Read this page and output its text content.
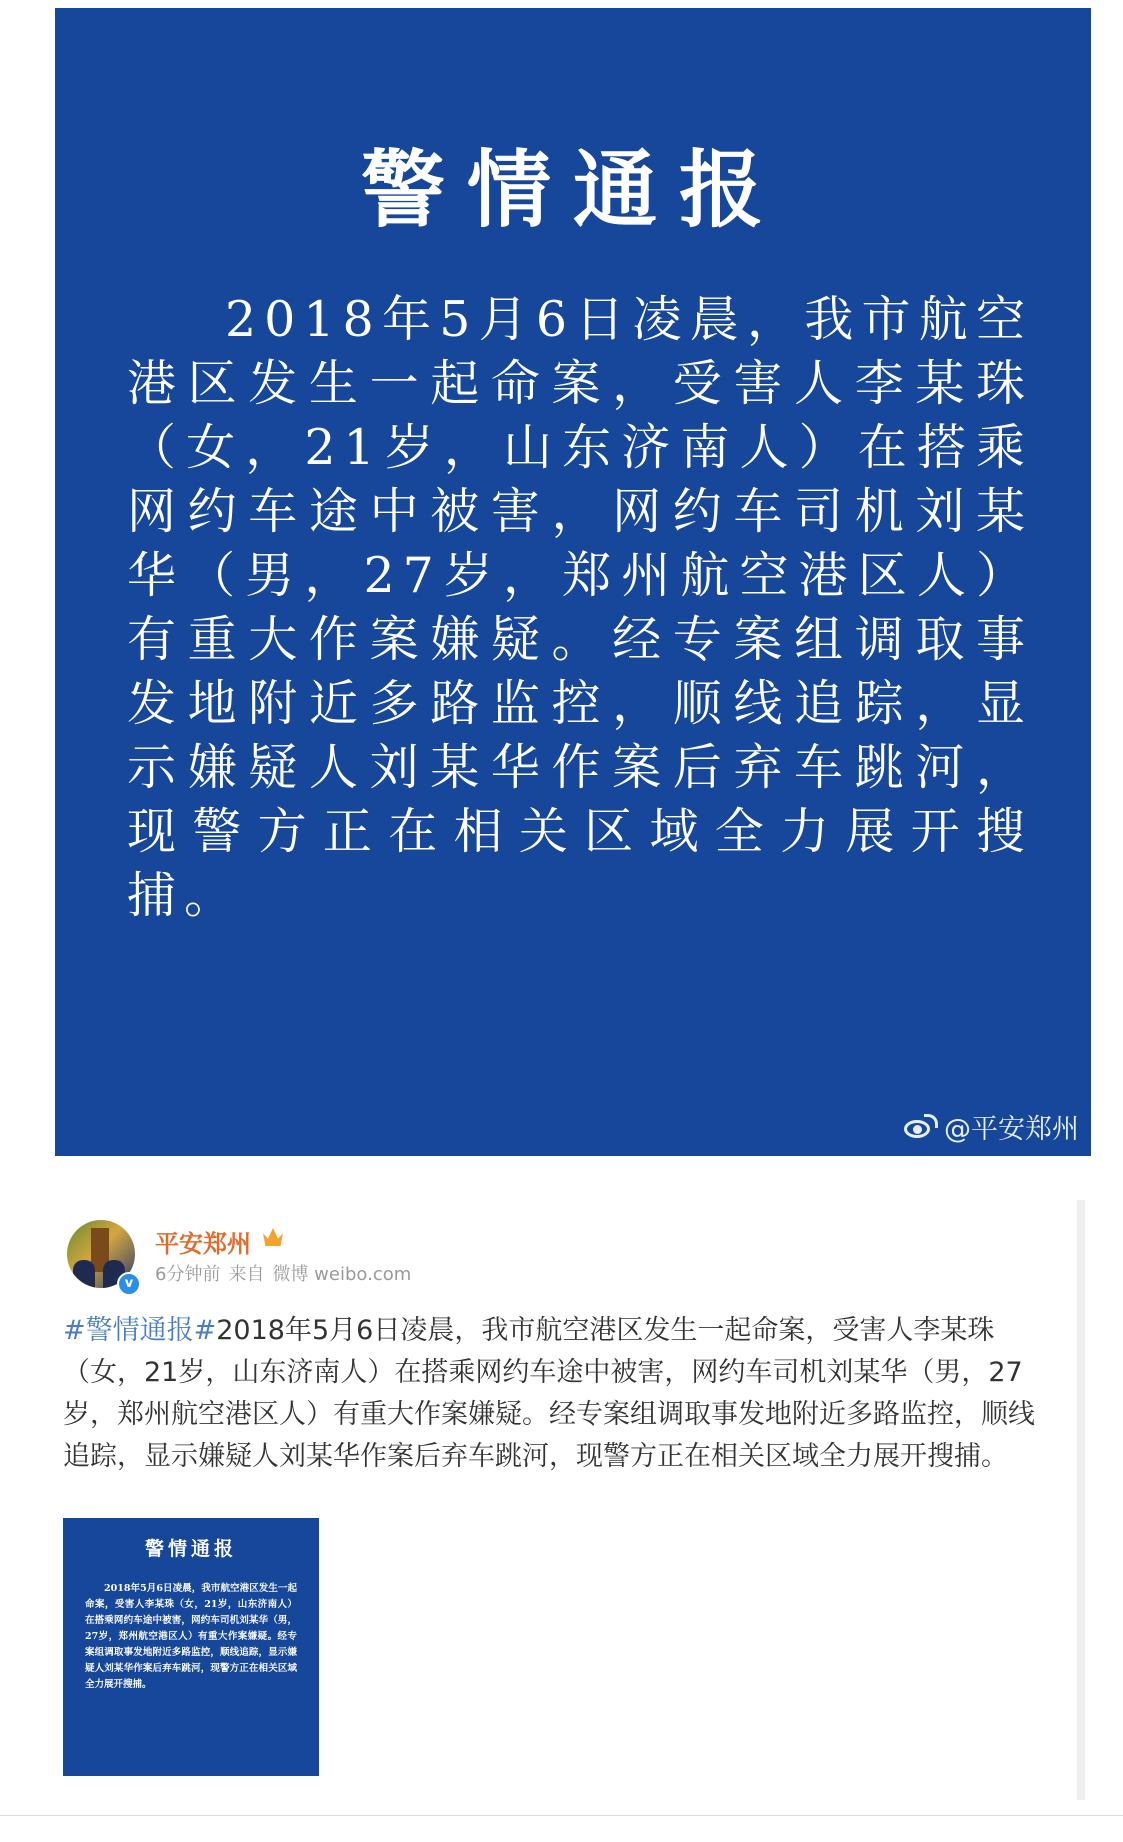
警情通报
2018年5月6日凌晨，我市航空港区发生一起命案，受害人李某珠（女，21岁，山东济南人）在搭乘网约车途中被害，网约车司机刘某华（男，27岁，郑州航空港区人）有重大作案嫌疑。经专案组调取事发地附近多路监控，顺线追踪，显示嫌疑人刘某华作案后弃车跳河，现警方正在相关区域全力展开搜捕。
@平安郑州
v
平安郑州
6分钟前 来自 微博 weibo.com
#警情通报#2018年5月6日凌晨，我市航空港区发生一起命案，受害人李某珠（女，21岁，山东济南人）在搭乘网约车途中被害，网约车司机刘某华（男，27岁，郑州航空港区人）有重大作案嫌疑。经专案组调取事发地附近多路监控，顺线追踪，显示嫌疑人刘某华作案后弃车跳河，现警方正在相关区域全力展开搜捕。
警情通报
2018年5月6日凌晨，我市航空港区发生一起命案，受害人李某珠（女，21岁，山东济南人）在搭乘网约车途中被害，网约车司机刘某华（男，27岁，郑州航空港区人）有重大作案嫌疑。经专案组调取事发地附近多路监控，顺线追踪，显示嫌疑人刘某华作案后弃车跳河，现警方正在相关区域全力展开搜捕。
